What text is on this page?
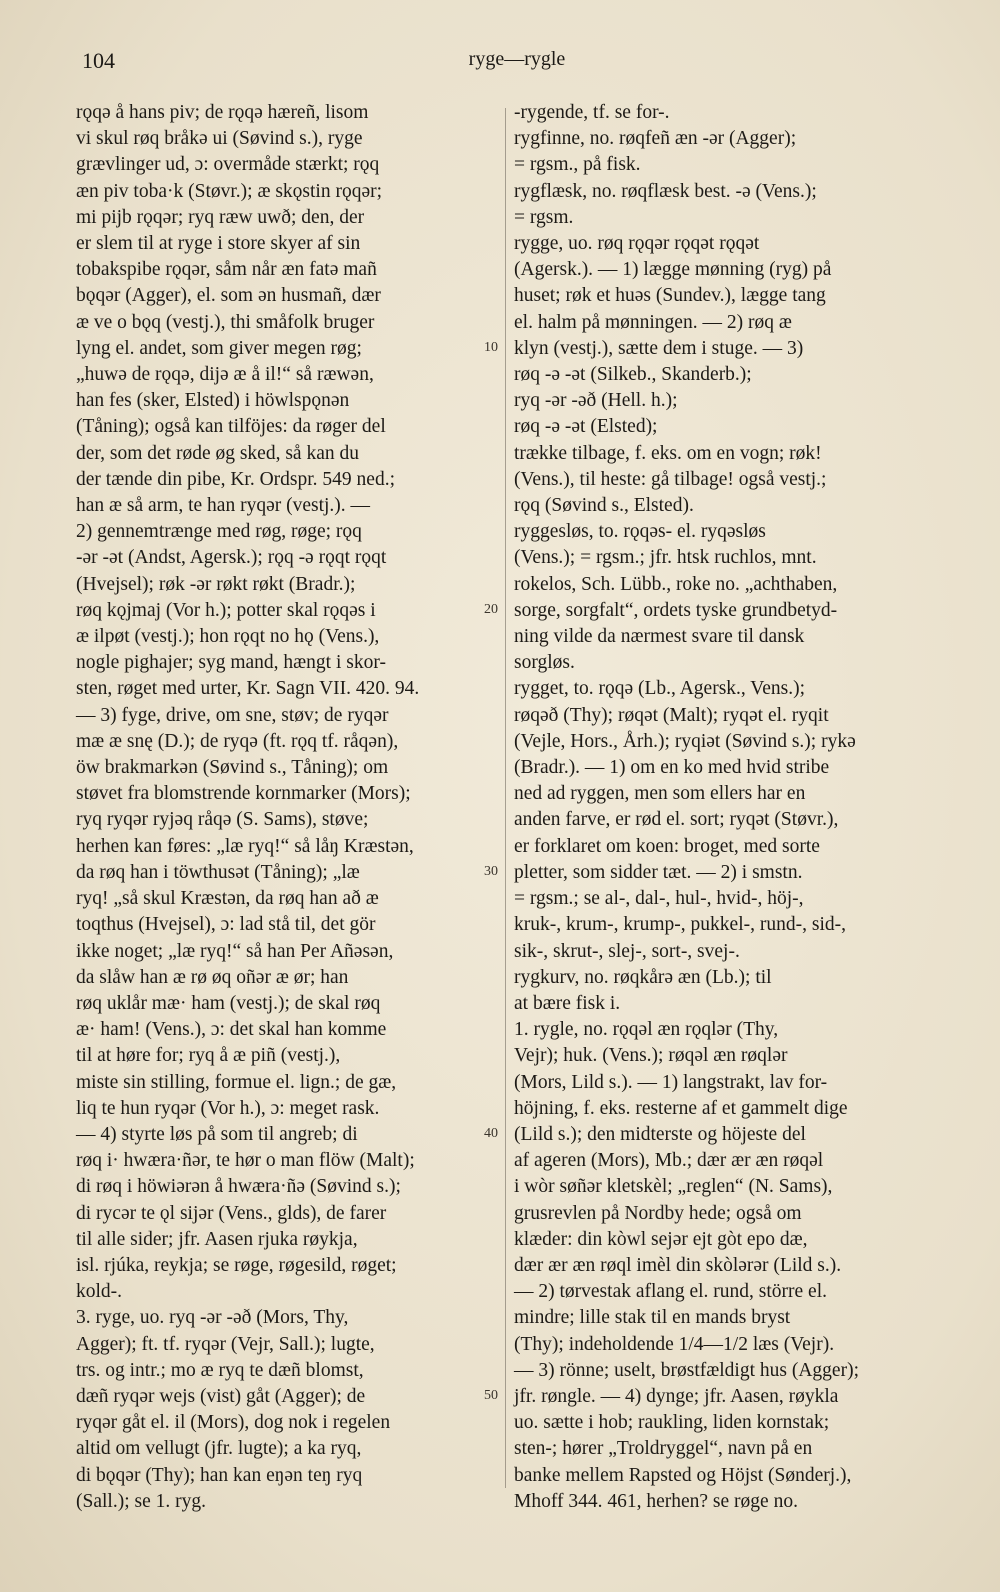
104	ryge—rygle
rǫqə å hans piv; de rǫqə hæreñ, lisom
vi skul røq bråkə ui (Søvind s.), ryge
grævlinger ud, ɔ: overmåde stærkt; rǫq
æn piv toba·k (Støvr.); æ skǫstin rǫqər;
mi pijb rǫqər; ryq ræw uwð; den, der
er slem til at ryge i store skyer af sin
tobakspibe rǫqər, såm når æn fatə mañ
bǫqər (Agger), el. som ən husmañ, dær
æ ve o bǫq (vestj.), thi småfolk bruger
lyng el. andet, som giver megen røg;
„huwə de rǫqə, dijə æ å il!“ så ræwən,
han fes (sker, Elsted) i höwlspǫnən
(Tåning); også kan tilföjes: da røger del
der, som det røde øg sked, så kan du
der tænde din pibe, Kr. Ordspr. 549 ned.;
han æ så arm, te han ryqər (vestj.). —
2) gennemtrænge med røg, røge; rǫq
-ər -ət (Andst, Agersk.); rǫq -ə rǫqt rǫqt
(Hvejsel); røk -ər røkt røkt (Bradr.);
røq kǫjmaj (Vor h.); potter skal rǫqəs i
æ ilpøt (vestj.); hon rǫqt no hǫ (Vens.),
nogle pighajer; syg mand, hængt i skor-
sten, røget med urter, Kr. Sagn VII. 420. 94.
— 3) fyge, drive, om sne, støv; de ryqər
mæ æ snę (D.); de ryqə (ft. rǫq tf. råqən),
öw brakmarkən (Søvind s., Tåning); om
støvet fra blomstrende kornmarker (Mors);
ryq ryqər ryjəq råqə (S. Sams), støve;
herhen kan føres: „læ ryq!“ så låŋ Kræstən,
da røq han i töwthusət (Tåning); „læ
ryq! „så skul Kræstən, da røq han að æ
toqthus (Hvejsel), ɔ: lad stå til, det gör
ikke noget; „læ ryq!“ så han Per Añəsən,
da slåw han æ rø øq oñər æ ør; han
røq uklår mæ· ham (vestj.); de skal røq
æ· ham! (Vens.), ɔ: det skal han komme
til at høre for; ryq å æ piñ (vestj.),
miste sin stilling, formue el. lign.; de gæ,
liq te hun ryqər (Vor h.), ɔ: meget rask.
— 4) styrte løs på som til angreb; di
røq i· hwæra·ñər, te hør o man flöw (Malt);
di røq i höwiərən å hwæra·ñə (Søvind s.);
di rycər te ǫl sijər (Vens., glds), de farer
til alle sider; jfr. Aasen rjuka røykja,
isl. rjúka, reykja; se røge, røgesild, røget;
kold-.
3. ryge, uo. ryq -ər -əð (Mors, Thy,
Agger); ft. tf. ryqər (Vejr, Sall.); lugte,
trs. og intr.; mo æ ryq te dæñ blomst,
dæñ ryqər wejs (vist) gåt (Agger); de
ryqər gåt el. il (Mors), dog nok i regelen
altid om vellugt (jfr. lugte); a ka ryq,
di bǫqər (Thy); han kan eŋən teŋ ryq
(Sall.); se 1. ryg.
10
20
30
40
50
-rygende, tf. se for-.
rygfinne, no. røqfeñ æn -ər (Agger);
= rgsm., på fisk.
rygflæsk, no. røqflæsk best. -ə (Vens.);
= rgsm.
rygge, uo. røq rǫqər rǫqət rǫqət
(Agersk.). — 1) lægge mønning (ryg) på
huset; røk et huəs (Sundev.), lægge tang
el. halm på mønningen. — 2) røq æ
klyn (vestj.), sætte dem i stuge. — 3)
røq -ə -ət (Silkeb., Skanderb.);
ryq -ər -əð (Hell. h.);
røq -ə -ət (Elsted);
trække tilbage, f. eks. om en vogn; røk!
(Vens.), til heste: gå tilbage! også vestj.;
rǫq (Søvind s., Elsted).
ryggesløs, to. rǫqəs- el. ryqəsløs
(Vens.); = rgsm.; jfr. htsk ruchlos, mnt.
rokelos, Sch. Lübb., roke no. „achthaben,
sorge, sorgfalt“, ordets tyske grundbetyd-
ning vilde da nærmest svare til dansk
sorgløs.
rygget, to. rǫqə (Lb., Agersk., Vens.);
røqəð (Thy); røqət (Malt); ryqət el. ryqit
(Vejle, Hors., Årh.); ryqiət (Søvind s.); rykə
(Bradr.). — 1) om en ko med hvid stribe
ned ad ryggen, men som ellers har en
anden farve, er rød el. sort; ryqət (Støvr.),
er forklaret om koen: broget, med sorte
pletter, som sidder tæt. — 2) i smstn.
= rgsm.; se al-, dal-, hul-, hvid-, höj-,
kruk-, krum-, krump-, pukkel-, rund-, sid-,
sik-, skrut-, slej-, sort-, svej-.
rygkurv, no. røqkårə æn (Lb.); til
at bære fisk i.
1. rygle, no. rǫqəl æn rǫqlər (Thy,
Vejr); huk. (Vens.); røqəl æn røqlər
(Mors, Lild s.). — 1) langstrakt, lav for-
höjning, f. eks. resterne af et gammelt dige
(Lild s.); den midterste og höjeste del
af ageren (Mors), Mb.; dær ær æn røqəl
i wòr søñər kletskèl; „reglen“ (N. Sams),
grusrevlen på Nordby hede; også om
klæder: din kòwl sejər ejt gòt epo dæ,
dær ær æn røql imèl din skòlərər (Lild s.).
— 2) tørvestak aflang el. rund, större el.
mindre; lille stak til en mands bryst
(Thy); indeholdende 1/4—1/2 læs (Vejr).
— 3) rönne; uselt, brøstfældigt hus (Agger);
jfr. røngle. — 4) dynge; jfr. Aasen, røykla
uo. sætte i hob; raukling, liden kornstak;
sten-; hører „Troldryggel“, navn på en
banke mellem Rapsted og Höjst (Sønderj.),
Mhoff 344. 461, herhen? se røge no.
